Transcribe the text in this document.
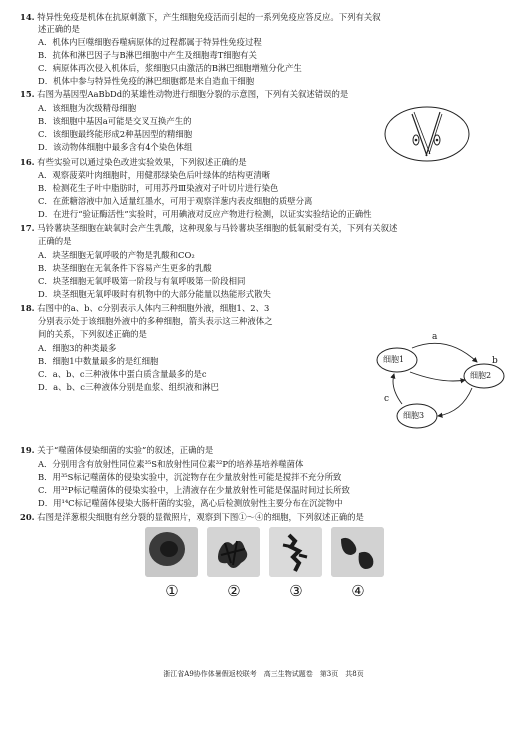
14. 特异性免疫是机体在抗原刺激下，产生细胞免疫活而引起的一系列免疫应答反应。下列有关叙
述正确的是
A．机体内巨噬细胞吞噬病原体的过程都属于特异性免疫过程
B．抗体和淋巴因子与B淋巴细胞中产生及细胞毒T细胞有关
C．病原体再次侵入机体后，浆细胞只由激活的B淋巴细胞增殖分化产生
D．机体中参与特异性免疫的淋巴细胞都是来自造血干细胞
15. 右图为基因型AaBbDd的某雄性动物进行细胞分裂的示意图，下列有关叙述错误的是
A．该细胞为次级精母细胞
B．该细胞中基因a可能是交叉互换产生的
C．该细胞最终能形成2种基因型的精细胞
D．该动物体细胞中最多含有4个染色体组
16. 有些实验可以通过染色改进实验效果，下列叙述正确的是
A．观察菠菜叶肉细胞时，用健那绿染色后叶绿体的结构更清晰
B．检测花生子叶中脂肪时，可用苏丹Ⅲ染液对子叶切片进行染色
C．在蔗糖溶液中加入适量红墨水，可用于观察洋葱内表皮细胞的质壁分离
D．在进行“验证酶活性”实验时，可用碘液对反应产物进行检测，以证实实验结论的正确性
17. 马铃薯块茎细胞在缺氧时会产生乳酸，这种现象与马铃薯块茎细胞的低氧耐受有关，下列有关叙述
正确的是
A．块茎细胞无氧呼吸的产物是乳酸和CO₂
B．块茎细胞在无氧条件下容易产生更多的乳酸
C．块茎细胞无氧呼吸第一阶段与有氧呼吸第一阶段相同
D．块茎细胞无氧呼吸时有机物中的大部分能量以热能形式散失
18. 右图中的a、b、c分别表示人体内三种细胞外液，细胞1、2、3
分别表示处于该细胞外液中的多种细胞，箭头表示这三种液体之
间的关系，下列叙述正确的是
A．细胞3的种类最多
B．细胞1中数量最多的是红细胞
C．a、b、c三种液体中蛋白质含量最多的是c
D．a、b、c三种液体分别是血浆、组织液和淋巴
细胞1
细胞2
细胞3
a
b
c
19. 关于“噬菌体侵染细菌的实验”的叙述，正确的是
A．分别用含有放射性同位素³⁵S和放射性同位素³²P的培养基培养噬菌体
B．用³⁵S标记噬菌体的侵染实验中，沉淀物存在少量放射性可能是搅拌不充分所致
C．用³²P标记噬菌体的侵染实验中，上清液存在少量放射性可能是保温时间过长所致
D．用¹⁴C标记噬菌体侵染大肠杆菌的实验，离心后检测放射性主要分布在沉淀物中
20. 右图是洋葱根尖细胞有丝分裂的显微照片，观察到下图①～④的细胞，下列叙述正确的是
①	②	③	④
浙江省A9协作体暑假返校联考　高三生物试题卷　第3页　共8页
